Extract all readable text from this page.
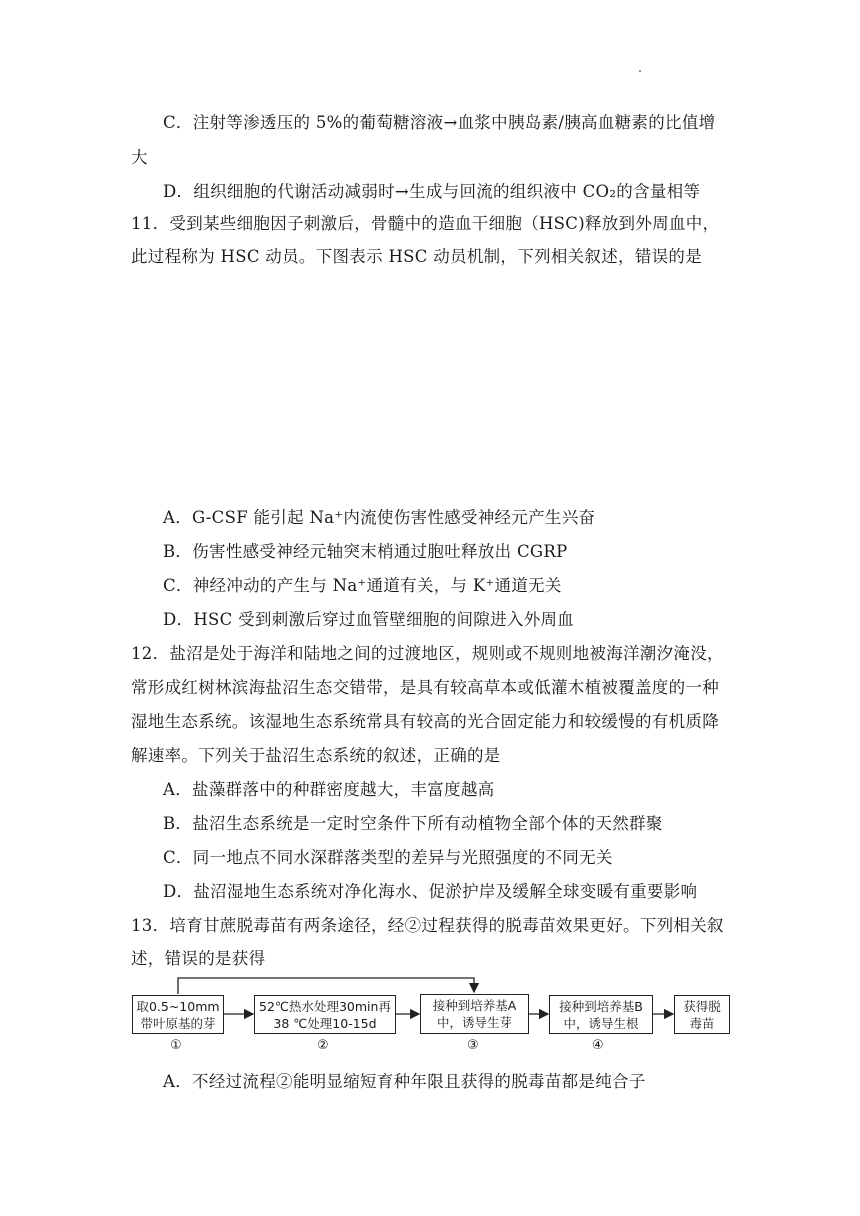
C．注射等渗透压的 5%的葡萄糖溶液→血浆中胰岛素/胰高血糖素的比值增
大
D．组织细胞的代谢活动减弱时→生成与回流的组织液中 CO₂的含量相等
11．受到某些细胞因子刺激后，骨髓中的造血干细胞（HSC)释放到外周血中，
此过程称为 HSC 动员。下图表示 HSC 动员机制，下列相关叙述，错误的是
A．G-CSF 能引起 Na⁺内流使伤害性感受神经元产生兴奋
B．伤害性感受神经元轴突末梢通过胞吐释放出 CGRP
C．神经冲动的产生与 Na⁺通道有关，与 K⁺通道无关
D．HSC 受到刺激后穿过血管壁细胞的间隙进入外周血
12．盐沼是处于海洋和陆地之间的过渡地区，规则或不规则地被海洋潮汐淹没，
常形成红树林滨海盐沼生态交错带，是具有较高草本或低灌木植被覆盖度的一种
湿地生态系统。该湿地生态系统常具有较高的光合固定能力和较缓慢的有机质降
解速率。下列关于盐沼生态系统的叙述，正确的是
A．盐藻群落中的种群密度越大，丰富度越高
B．盐沼生态系统是一定时空条件下所有动植物全部个体的天然群聚
C．同一地点不同水深群落类型的差异与光照强度的不同无关
D．盐沼湿地生态系统对净化海水、促淤护岸及缓解全球变暖有重要影响
13．培育甘蔗脱毒苗有两条途径，经②过程获得的脱毒苗效果更好。下列相关叙
述，错误的是获得
取0.5~10mm
带叶原基的芽
52℃热水处理30min再
38 ℃处理10-15d
接种到培养基A
中，诱导生芽
接种到培养基B
中，诱导生根
获得脱
毒苗
①	②	③	④
A．不经过流程②能明显缩短育种年限且获得的脱毒苗都是纯合子
